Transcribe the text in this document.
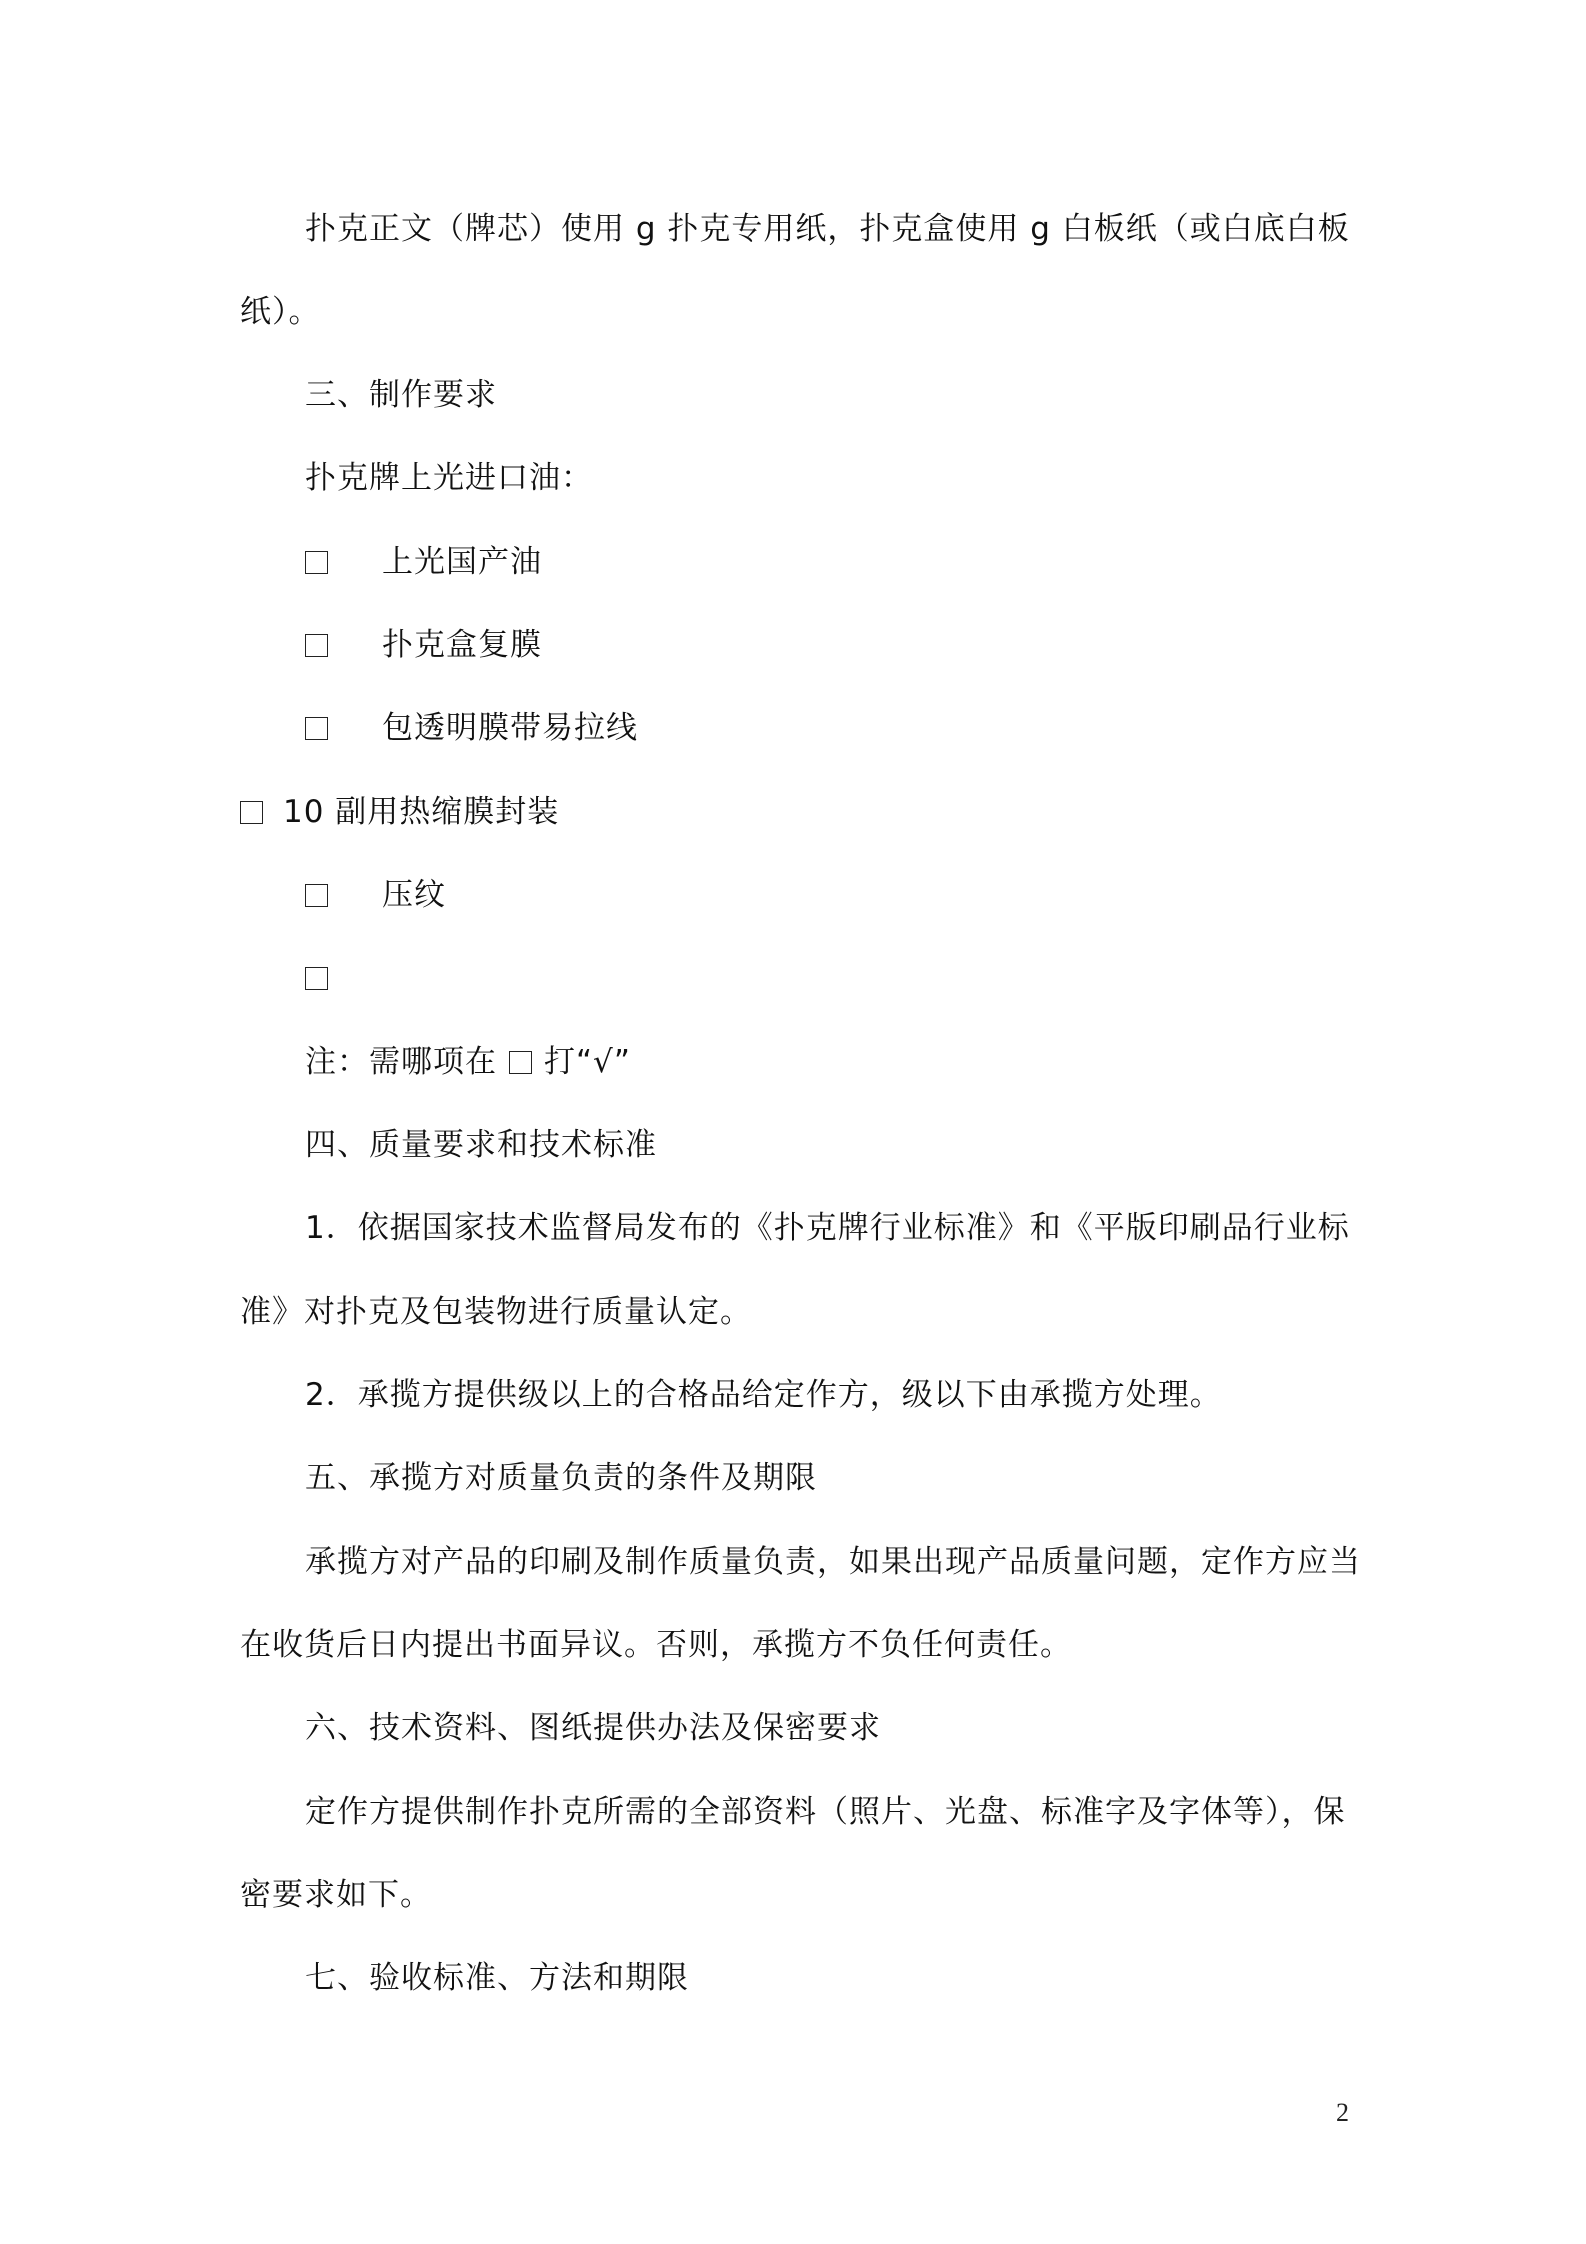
扑克正文（牌芯）使用 g 扑克专用纸，扑克盒使用 g 白板纸（或白底白板
纸）。
三、制作要求
扑克牌上光进口油：
上光国产油
扑克盒复膜
包透明膜带易拉线
10 副用热缩膜封装
压纹
注：需哪项在 打“√”
四、质量要求和技术标准
1．依据国家技术监督局发布的《扑克牌行业标准》和《平版印刷品行业标
准》对扑克及包装物进行质量认定。
2．承揽方提供级以上的合格品给定作方，级以下由承揽方处理。
五、承揽方对质量负责的条件及期限
承揽方对产品的印刷及制作质量负责，如果出现产品质量问题，定作方应当
在收货后日内提出书面异议。否则，承揽方不负任何责任。
六、技术资料、图纸提供办法及保密要求
定作方提供制作扑克所需的全部资料（照片、光盘、标准字及字体等），保
密要求如下。
七、验收标准、方法和期限
2
